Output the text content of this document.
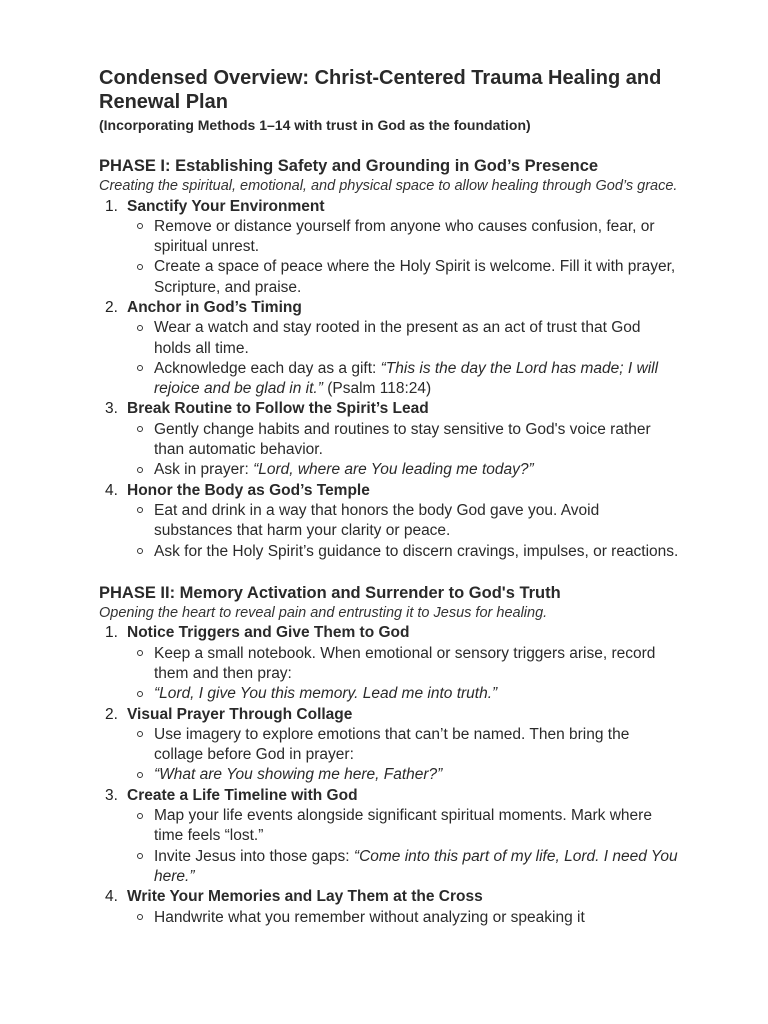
Condensed Overview: Christ-Centered Trauma Healing and Renewal Plan

(Incorporating Methods 1–14 with trust in God as the foundation)

PHASE I: Establishing Safety and Grounding in God’s Presence

Creating the spiritual, emotional, and physical space to allow healing through God’s grace.

1. Sanctify Your Environment
Remove or distance yourself from anyone who causes confusion, fear, or spiritual unrest.
Create a space of peace where the Holy Spirit is welcome. Fill it with prayer, Scripture, and praise.
2. Anchor in God’s Timing
Wear a watch and stay rooted in the present as an act of trust that God holds all time.
Acknowledge each day as a gift: “This is the day the Lord has made; I will rejoice and be glad in it.” (Psalm 118:24)
3. Break Routine to Follow the Spirit’s Lead
Gently change habits and routines to stay sensitive to God's voice rather than automatic behavior.
Ask in prayer: “Lord, where are You leading me today?”
4. Honor the Body as God’s Temple
Eat and drink in a way that honors the body God gave you. Avoid substances that harm your clarity or peace.
Ask for the Holy Spirit’s guidance to discern cravings, impulses, or reactions.
PHASE II: Memory Activation and Surrender to God's Truth

Opening the heart to reveal pain and entrusting it to Jesus for healing.

1. Notice Triggers and Give Them to God
Keep a small notebook. When emotional or sensory triggers arise, record them and then pray:
“Lord, I give You this memory. Lead me into truth.”
2. Visual Prayer Through Collage
Use imagery to explore emotions that can’t be named. Then bring the collage before God in prayer:
“What are You showing me here, Father?”
3. Create a Life Timeline with God
Map your life events alongside significant spiritual moments. Mark where time feels “lost.”
Invite Jesus into those gaps: “Come into this part of my life, Lord. I need You here.”
4. Write Your Memories and Lay Them at the Cross
Handwrite what you remember without analyzing or speaking it
